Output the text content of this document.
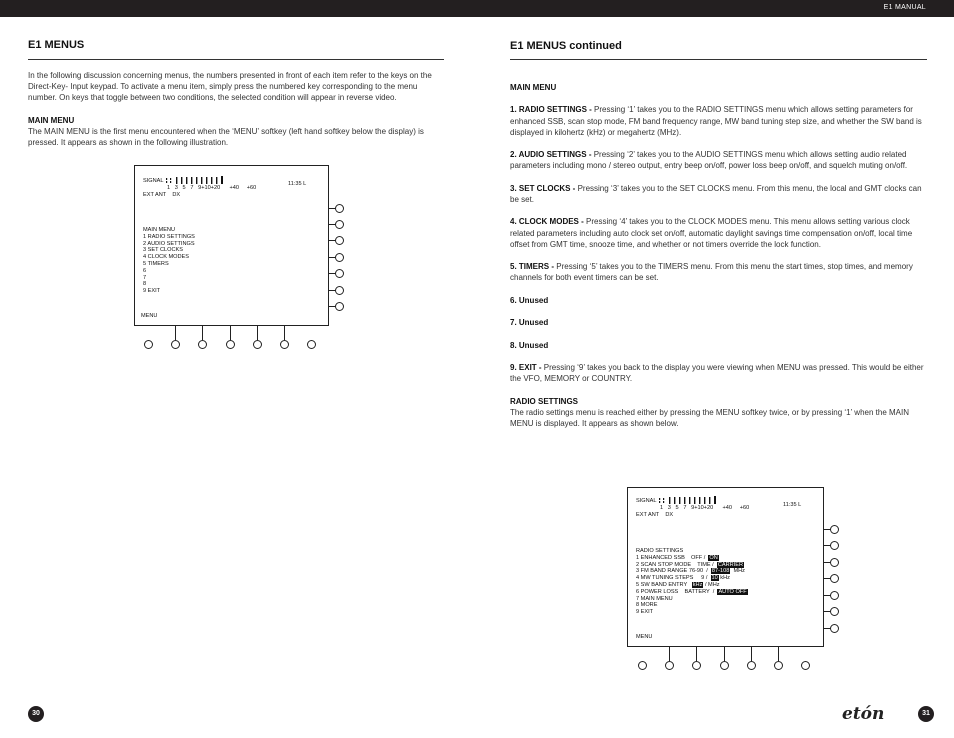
E1 MANUAL
E1 MENUS

In the following discussion concerning menus, the numbers presented in front of each item refer to the keys on the Direct-Key- Input keypad. To activate a menu item, simply press the numbered key corresponding to the menu number. On keys that toggle between two conditions, the selected condition will appear in reverse video.

MAIN MENU

The MAIN MENU is the first menu encountered when the ‘MENU’ softkey (left hand softkey below the display) is pressed. It appears as shown in the following illustration.

SIGNAL
1   3   5   7   9+10+20      +40     +60
11:35 L
EXT ANT    DX
MAIN MENU
1 RADIO SETTINGS
2 AUDIO SETTINGS
3 SET CLOCKS
4 CLOCK MODES
5 TIMERS
6
7
8
9 EXIT
MENU
30
E1 MENUS continued

MAIN MENU

1. RADIO SETTINGS - Pressing ‘1’ takes you to the RADIO SETTINGS menu which allows setting parameters for enhanced SSB, scan stop mode, FM band frequency range, MW band tuning step size, and whether the SW band is displayed in kilohertz (kHz) or megahertz (MHz).

2. AUDIO SETTINGS - Pressing ‘2’ takes you to the AUDIO SETTINGS menu which allows setting audio related parameters including mono / stereo output, entry beep on/off, power loss beep on/off, and squelch muting on/off.

3. SET CLOCKS - Pressing ‘3’ takes you to the SET CLOCKS menu. From this menu, the local and GMT clocks can be set.

4. CLOCK MODES - Pressing ‘4’ takes you to the CLOCK MODES menu. This menu allows setting various clock related parameters including auto clock set on/off, automatic daylight savings time compensation on/off, local time offset from GMT time, snooze time, and whether or not timers override the lock function.

5. TIMERS - Pressing ‘5’ takes you to the TIMERS menu. From this menu the start times, stop times, and memory channels for both event timers can be set.

6. Unused

7. Unused

8. Unused

9. EXIT - Pressing ‘9’ takes you back to the display you were viewing when MENU was pressed. This would be either the VFO, MEMORY or COUNTRY.

RADIO SETTINGS

The radio settings menu is reached either by pressing the MENU softkey twice, or by pressing ‘1’ when the MAIN MENU is displayed. It appears as shown below.

SIGNAL
1   3   5   7   9+10+20      +40     +60	11:35 L
EXT ANT    DX
RADIO SETTINGS
1 ENHANCED SSB    OFF /  ON
2 SCAN STOP MODE    TIME /  CARRIER
3 FM BAND RANGE 76-90  /  87-108  MHz
4 MW TUNING STEPS     9 /  10 kHz
5 SW BAND ENTRY   kHz / MHz
6 POWER LOSS    BATTERY  /  AUTO OFF
7 MAIN MENU
8 MORE
9 EXIT
MENU
etón	31
